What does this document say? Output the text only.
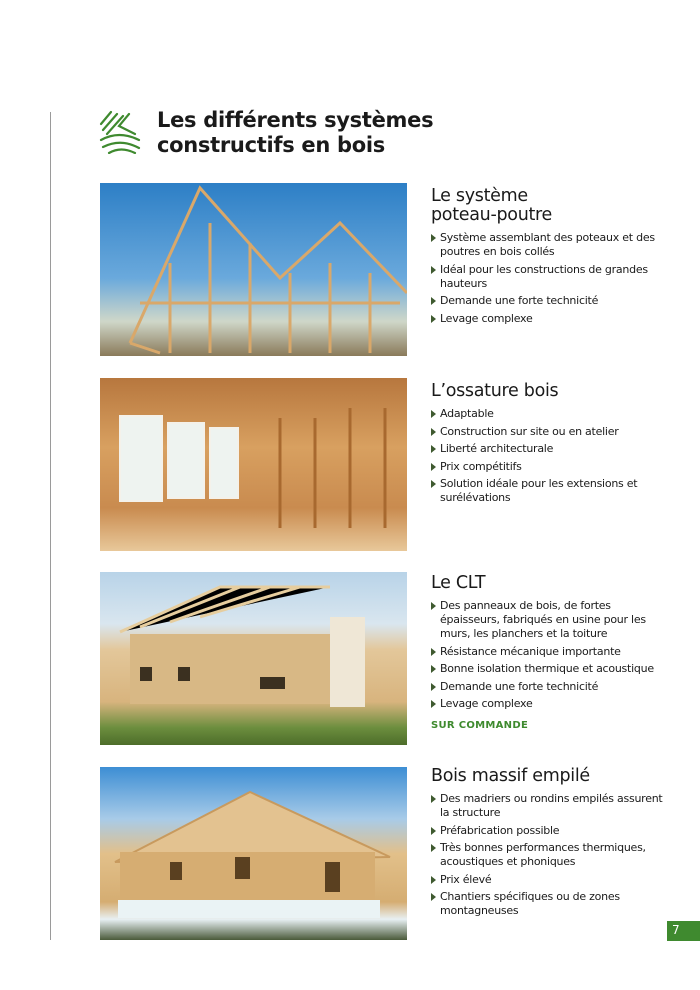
Les différents systèmes
constructifs en bois
Le système
poteau-poutre
Système assemblant des poteaux et des poutres en bois collés
Idéal pour les constructions de grandes hauteurs
Demande une forte technicité
Levage complexe
L’ossature bois
Adaptable
Construction sur site ou en atelier
Liberté architecturale
Prix compétitifs
Solution idéale pour les extensions et surélévations
Le CLT
Des panneaux de bois, de fortes épaisseurs, fabriqués en usine pour les murs, les planchers et la toiture
Résistance mécanique importante
Bonne isolation thermique et acoustique
Demande une forte technicité
Levage complexe
SUR COMMANDE
Bois massif empilé
Des madriers ou rondins empilés assurent la structure
Préfabrication possible
Très bonnes performances thermiques, acoustiques et phoniques
Prix élevé
Chantiers spécifiques ou de zones montagneuses
7
